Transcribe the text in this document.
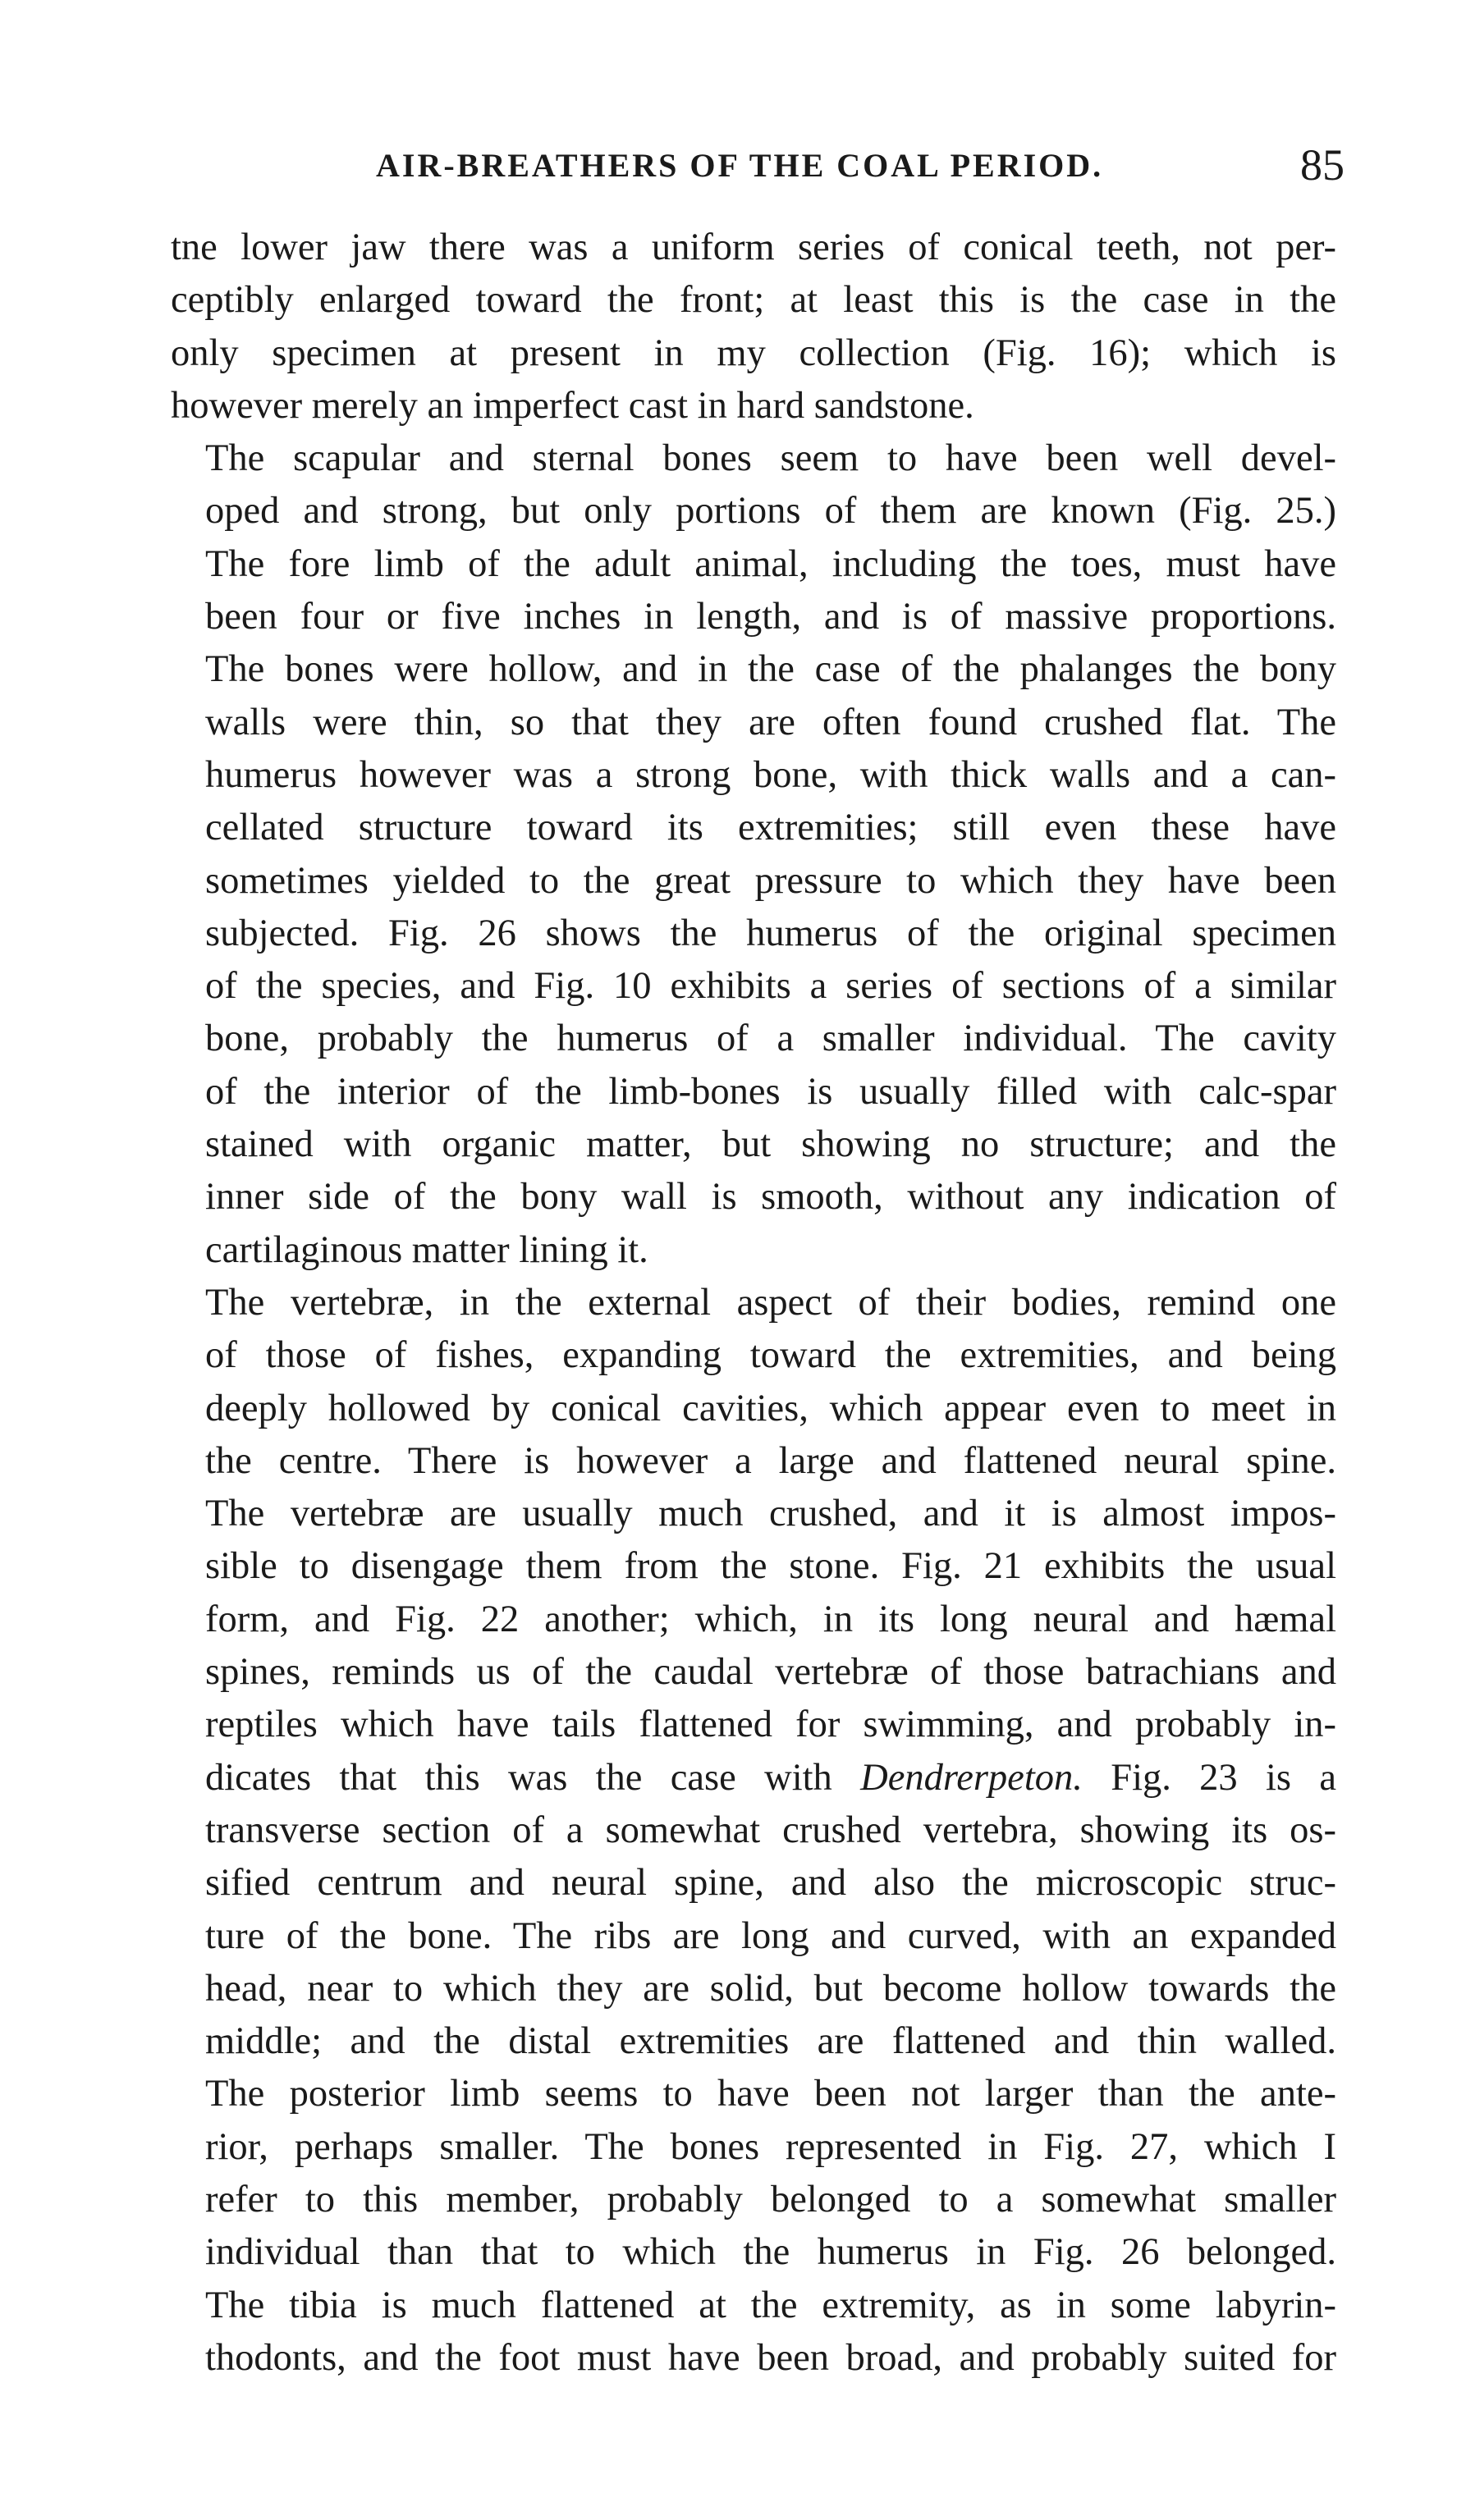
AIR-BREATHERS OF THE COAL PERIOD.	85

tne lower jaw there was a uniform series of conical teeth, not per-
ceptibly enlarged toward the front; at least this is the case in the
only specimen at present in my collection (Fig. 16); which is
however merely an imperfect cast in hard sandstone.

The scapular and sternal bones seem to have been well devel-
oped and strong, but only portions of them are known (Fig. 25.)
The fore limb of the adult animal, including the toes, must have
been four or five inches in length, and is of massive proportions.
The bones were hollow, and in the case of the phalanges the bony
walls were thin, so that they are often found crushed flat. The
humerus however was a strong bone, with thick walls and a can-
cellated structure toward its extremities; still even these have
sometimes yielded to the great pressure to which they have been
subjected. Fig. 26 shows the humerus of the original specimen
of the species, and Fig. 10 exhibits a series of sections of a similar
bone, probably the humerus of a smaller individual. The cavity
of the interior of the limb-bones is usually filled with calc-spar
stained with organic matter, but showing no structure; and the
inner side of the bony wall is smooth, without any indication of
cartilaginous matter lining it.

The vertebræ, in the external aspect of their bodies, remind one
of those of fishes, expanding toward the extremities, and being
deeply hollowed by conical cavities, which appear even to meet in
the centre. There is however a large and flattened neural spine.
The vertebræ are usually much crushed, and it is almost impos-
sible to disengage them from the stone. Fig. 21 exhibits the usual
form, and Fig. 22 another; which, in its long neural and hæmal
spines, reminds us of the caudal vertebræ of those batrachians and
reptiles which have tails flattened for swimming, and probably in-
dicates that this was the case with Dendrerpeton. Fig. 23 is a
transverse section of a somewhat crushed vertebra, showing its os-
sified centrum and neural spine, and also the microscopic struc-
ture of the bone. The ribs are long and curved, with an expanded
head, near to which they are solid, but become hollow towards the
middle; and the distal extremities are flattened and thin walled.
The posterior limb seems to have been not larger than the ante-
rior, perhaps smaller. The bones represented in Fig. 27, which I
refer to this member, probably belonged to a somewhat smaller
individual than that to which the humerus in Fig. 26 belonged.
The tibia is much flattened at the extremity, as in some labyrin-
thodonts, and the foot must have been broad, and probably suited for
